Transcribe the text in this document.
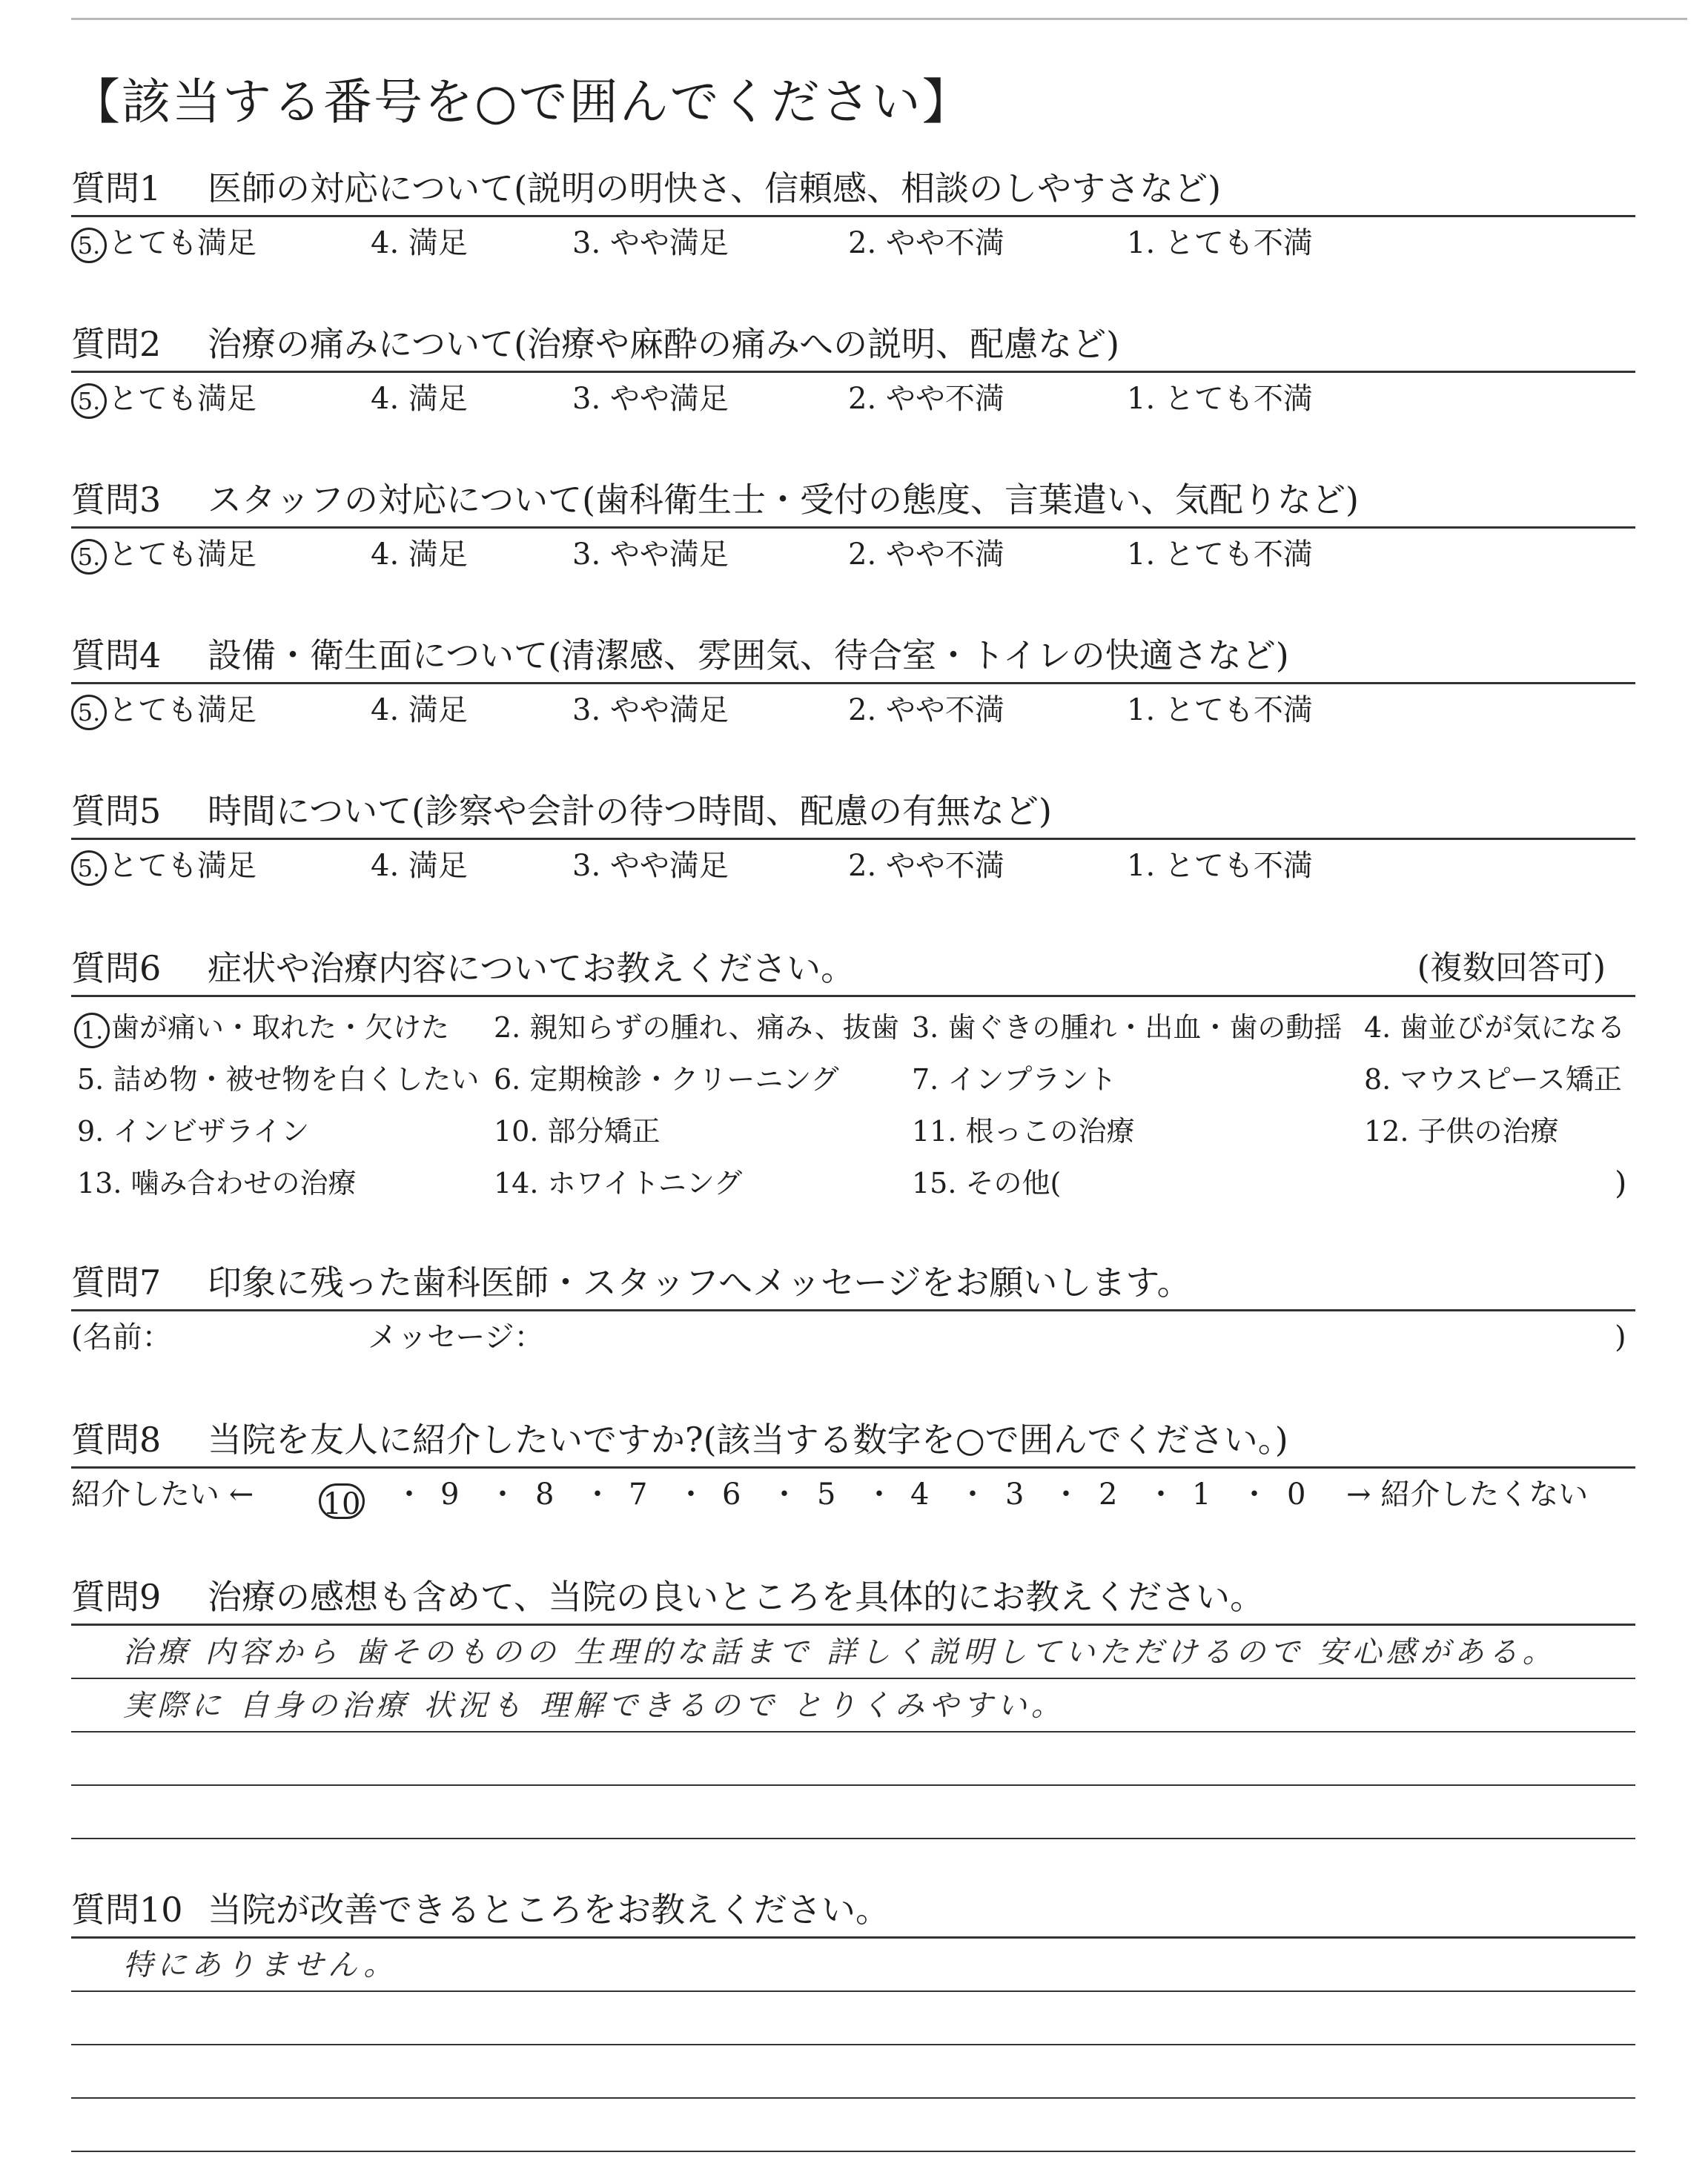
【該当する番号を○で囲んでください】
質問1 医師の対応について(説明の明快さ、信頼感、相談のしやすさなど)
5. とても満足	4. 満足	3. やや満足	2. やや不満	1. とても不満
質問2 治療の痛みについて(治療や麻酔の痛みへの説明、配慮など)
5. とても満足	4. 満足	3. やや満足	2. やや不満	1. とても不満
質問3 スタッフの対応について(歯科衛生士・受付の態度、言葉遣い、気配りなど)
5. とても満足	4. 満足	3. やや満足	2. やや不満	1. とても不満
質問4 設備・衛生面について(清潔感、雰囲気、待合室・トイレの快適さなど)
5. とても満足	4. 満足	3. やや満足	2. やや不満	1. とても不満
質問5 時間について(診察や会計の待つ時間、配慮の有無など)
5. とても満足	4. 満足	3. やや満足	2. やや不満	1. とても不満
質問6 症状や治療内容についてお教えください。	(複数回答可)
1. 歯が痛い・取れた・欠けた 2. 親知らずの腫れ、痛み、抜歯 3. 歯ぐきの腫れ・出血・歯の動揺 4. 歯並びが気になる
5. 詰め物・被せ物を白くしたい 6. 定期検診・クリーニング	7. インプラント	8. マウスピース矯正
9. インビザライン	10. 部分矯正	11. 根っこの治療	12. 子供の治療
13. 噛み合わせの治療	14. ホワイトニング	15. その他(	)
質問7 印象に残った歯科医師・スタッフへメッセージをお願いします。
(名前：	メッセージ：	)
質問8 当院を友人に紹介したいですか?(該当する数字を○で囲んでください。)
紹介したい ← 10 ・ 9 ・ 8 ・ 7 ・ 6 ・ 5 ・ 4 ・ 3 ・ 2 ・ 1 ・ 0 → 紹介したくない
質問9 治療の感想も含めて、当院の良いところを具体的にお教えください。
治療 内容から 歯そのものの 生理的な話まで 詳しく説明していただけるので 安心感がある。
実際に 自身の治療 状況も 理解できるので とりくみやすい。
質問10 当院が改善できるところをお教えください。
特にありません。
